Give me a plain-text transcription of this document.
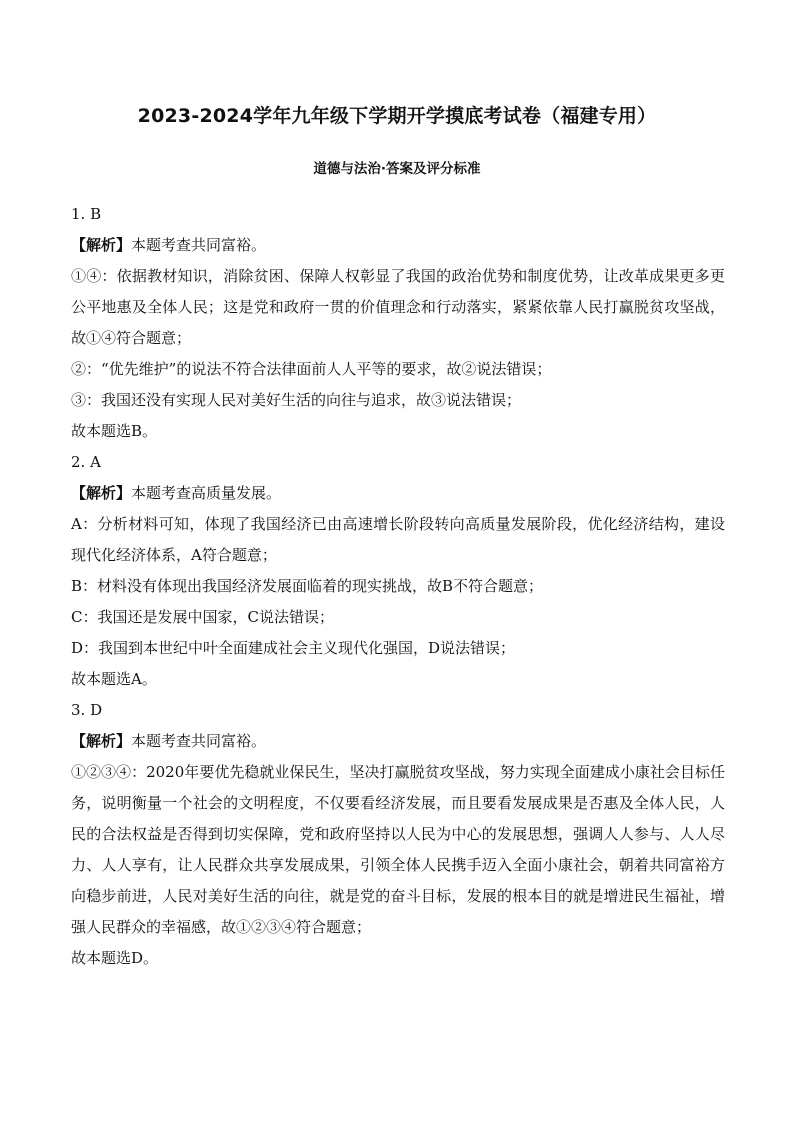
2023-2024学年九年级下学期开学摸底考试卷（福建专用）
道德与法治·答案及评分标准
1. B
【解析】本题考查共同富裕。
①④：依据教材知识，消除贫困、保障人权彰显了我国的政治优势和制度优势，让改革成果更多更公平地惠及全体人民；这是党和政府一贯的价值理念和行动落实，紧紧依靠人民打赢脱贫攻坚战，故①④符合题意；
②：“优先维护”的说法不符合法律面前人人平等的要求，故②说法错误；
③：我国还没有实现人民对美好生活的向往与追求，故③说法错误；
故本题选B。
2. A
【解析】本题考查高质量发展。
A：分析材料可知，体现了我国经济已由高速增长阶段转向高质量发展阶段，优化经济结构，建设现代化经济体系，A符合题意；
B：材料没有体现出我国经济发展面临着的现实挑战，故B不符合题意；
C：我国还是发展中国家，C说法错误；
D：我国到本世纪中叶全面建成社会主义现代化强国，D说法错误；
故本题选A。
3. D
【解析】本题考查共同富裕。
①②③④：2020年要优先稳就业保民生，坚决打赢脱贫攻坚战，努力实现全面建成小康社会目标任务，说明衡量一个社会的文明程度，不仅要看经济发展，而且要看发展成果是否惠及全体人民，人民的合法权益是否得到切实保障，党和政府坚持以人民为中心的发展思想，强调人人参与、人人尽力、人人享有，让人民群众共享发展成果，引领全体人民携手迈入全面小康社会，朝着共同富裕方向稳步前进，人民对美好生活的向往，就是党的奋斗目标，发展的根本目的就是增进民生福祉，增强人民群众的幸福感，故①②③④符合题意；
故本题选D。
